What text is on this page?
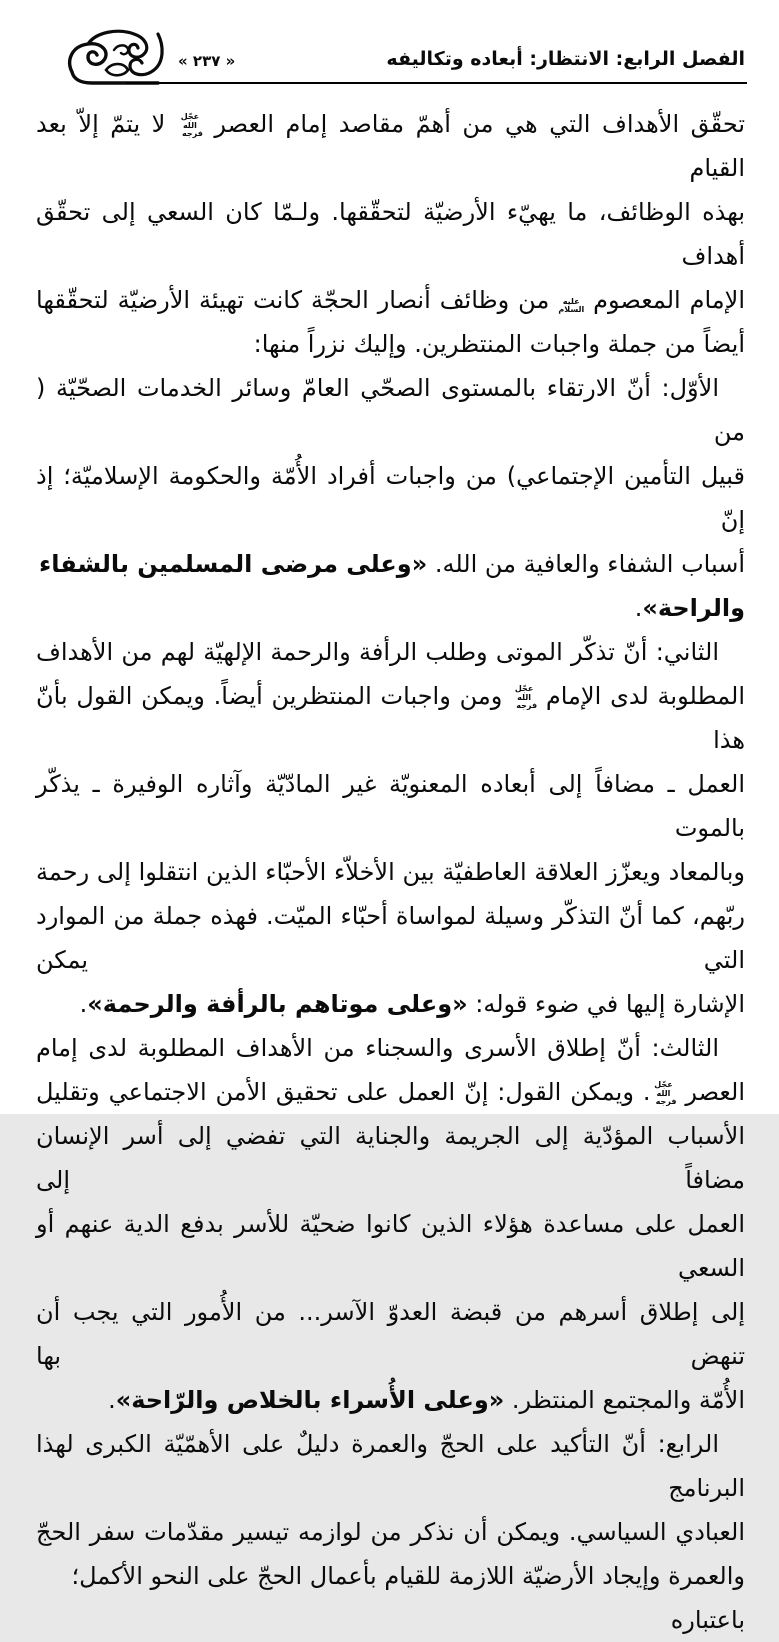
الفصل الرابع: الانتظار: أبعاده وتكاليفه
« ٢٣٧ »
تحقّق الأهداف التي هي من أهمّ مقاصد إمام العصر عجّل الله فرجه لا يتمّ إلاّ بعد القيام
بهذه الوظائف، ما يهيّء الأرضيّة لتحقّقها. ولـمّا كان السعي إلى تحقّق أهداف
الإمام المعصوم عليه السلام من وظائف أنصار الحجّة كانت تهيئة الأرضيّة لتحقّقها
أيضاً من جملة واجبات المنتظرين. وإليك نزراً منها:
الأوّل: أنّ الارتقاء بالمستوى الصحّي العامّ وسائر الخدمات الصحّيّة ( من
قبيل التأمين الإجتماعي) من واجبات أفراد الأُمّة والحكومة الإسلاميّة؛ إذ إنّ
أسباب الشفاء والعافية من الله. «وعلى مرضى المسلمين بالشفاء والراحة».
الثاني: أنّ تذكّر الموتى وطلب الرأفة والرحمة الإلهيّة لهم من الأهداف
المطلوبة لدى الإمام عجّل الله فرجه ومن واجبات المنتظرين أيضاً. ويمكن القول بأنّ هذا
العمل ـ مضافاً إلى أبعاده المعنويّة غير المادّيّة وآثاره الوفيرة ـ يذكّر بالموت
وبالمعاد ويعزّز العلاقة العاطفيّة بين الأخلاّء الأحبّاء الذين انتقلوا إلى رحمة
ربّهم، كما أنّ التذكّر وسيلة لمواساة أحبّاء الميّت. فهذه جملة من الموارد التي يمكن
الإشارة إليها في ضوء قوله: «وعلى موتاهم بالرأفة والرحمة».
الثالث: أنّ إطلاق الأسرى والسجناء من الأهداف المطلوبة لدى إمام
العصر عجّل الله فرجه. ويمكن القول: إنّ العمل على تحقيق الأمن الاجتماعي وتقليل
الأسباب المؤدّية إلى الجريمة والجناية التي تفضي إلى أسر الإنسان مضافاً إلى
العمل على مساعدة هؤلاء الذين كانوا ضحيّة للأسر بدفع الدية عنهم أو السعي
إلى إطلاق أسرهم من قبضة العدوّ الآسر... من الأُمور التي يجب أن تنهض بها
الأُمّة والمجتمع المنتظر. «وعلى الأُسراء بالخلاص والرّاحة».
الرابع: أنّ التأكيد على الحجّ والعمرة دليلٌ على الأهمّيّة الكبرى لهذا البرنامج
العبادي السياسي. ويمكن أن نذكر من لوازمه تيسير مقدّمات سفر الحجّ
والعمرة وإيجاد الأرضيّة اللازمة للقيام بأعمال الحجّ على النحو الأكمل؛ باعتباره
